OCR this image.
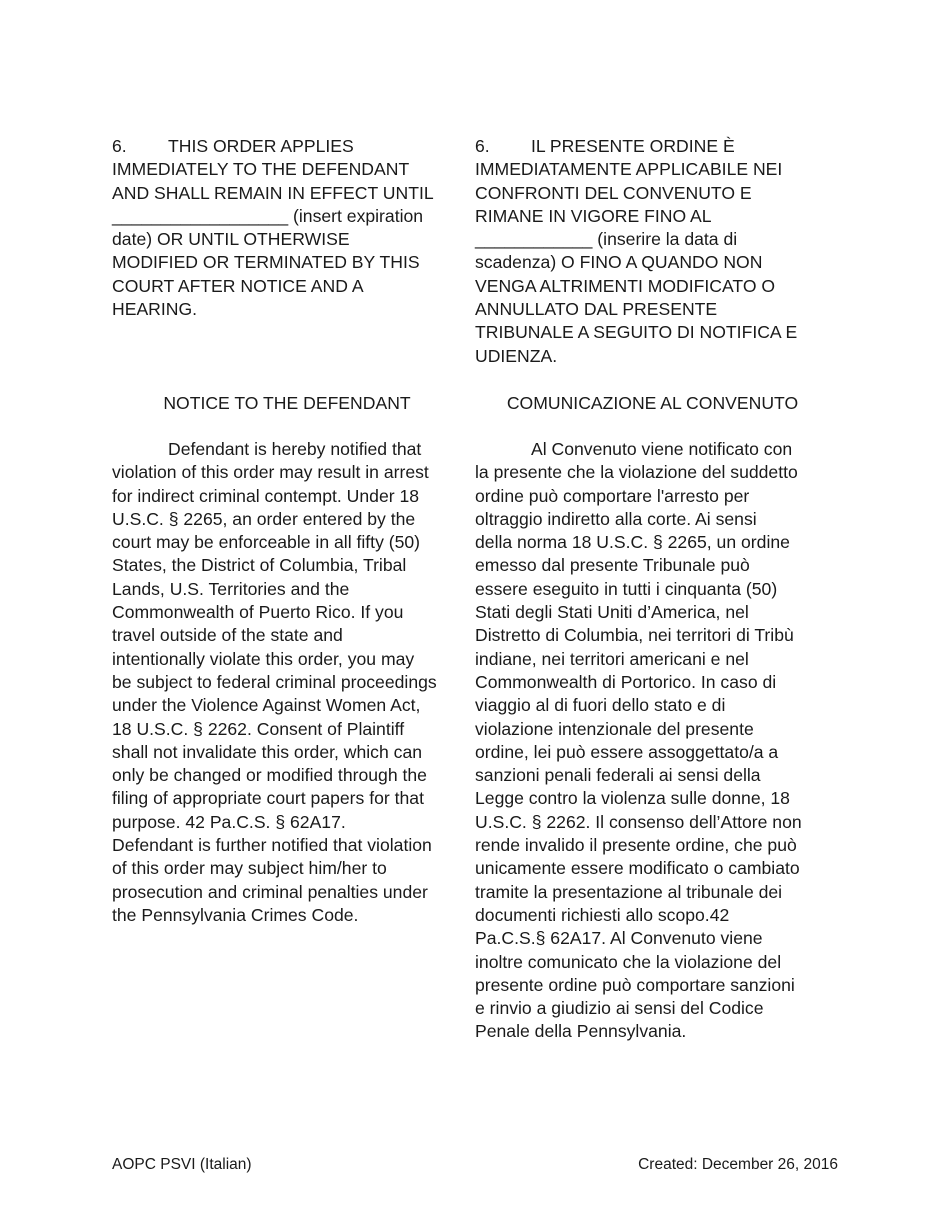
6. THIS ORDER APPLIES
IMMEDIATELY TO THE DEFENDANT
AND SHALL REMAIN IN EFFECT UNTIL
__________________ (insert expiration
date) OR UNTIL OTHERWISE
MODIFIED OR TERMINATED BY THIS
COURT AFTER NOTICE AND A
HEARING.

NOTICE TO THE DEFENDANT

Defendant is hereby notified that
violation of this order may result in arrest
for indirect criminal contempt. Under 18
U.S.C. § 2265, an order entered by the
court may be enforceable in all fifty (50)
States, the District of Columbia, Tribal
Lands, U.S. Territories and the
Commonwealth of Puerto Rico. If you
travel outside of the state and
intentionally violate this order, you may
be subject to federal criminal proceedings
under the Violence Against Women Act,
18 U.S.C. § 2262. Consent of Plaintiff
shall not invalidate this order, which can
only be changed or modified through the
filing of appropriate court papers for that
purpose. 42 Pa.C.S. § 62A17.
Defendant is further notified that violation
of this order may subject him/her to
prosecution and criminal penalties under
the Pennsylvania Crimes Code.

6. IL PRESENTE ORDINE È
IMMEDIATAMENTE APPLICABILE NEI
CONFRONTI DEL CONVENUTO E
RIMANE IN VIGORE FINO AL
____________ (inserire la data di
scadenza) O FINO A QUANDO NON
VENGA ALTRIMENTI MODIFICATO O
ANNULLATO DAL PRESENTE
TRIBUNALE A SEGUITO DI NOTIFICA E
UDIENZA.

COMUNICAZIONE AL CONVENUTO

Al Convenuto viene notificato con
la presente che la violazione del suddetto
ordine può comportare l'arresto per
oltraggio indiretto alla corte. Ai sensi
della norma 18 U.S.C. § 2265, un ordine
emesso dal presente Tribunale può
essere eseguito in tutti i cinquanta (50)
Stati degli Stati Uniti d’America, nel
Distretto di Columbia, nei territori di Tribù
indiane, nei territori americani e nel
Commonwealth di Portorico. In caso di
viaggio al di fuori dello stato e di
violazione intenzionale del presente
ordine, lei può essere assoggettato/a a
sanzioni penali federali ai sensi della
Legge contro la violenza sulle donne, 18
U.S.C. § 2262. Il consenso dell’Attore non
rende invalido il presente ordine, che può
unicamente essere modificato o cambiato
tramite la presentazione al tribunale dei
documenti richiesti allo scopo.42
Pa.C.S.§ 62A17. Al Convenuto viene
inoltre comunicato che la violazione del
presente ordine può comportare sanzioni
e rinvio a giudizio ai sensi del Codice
Penale della Pennsylvania.

AOPC PSVI (Italian)	Created: December 26, 2016
